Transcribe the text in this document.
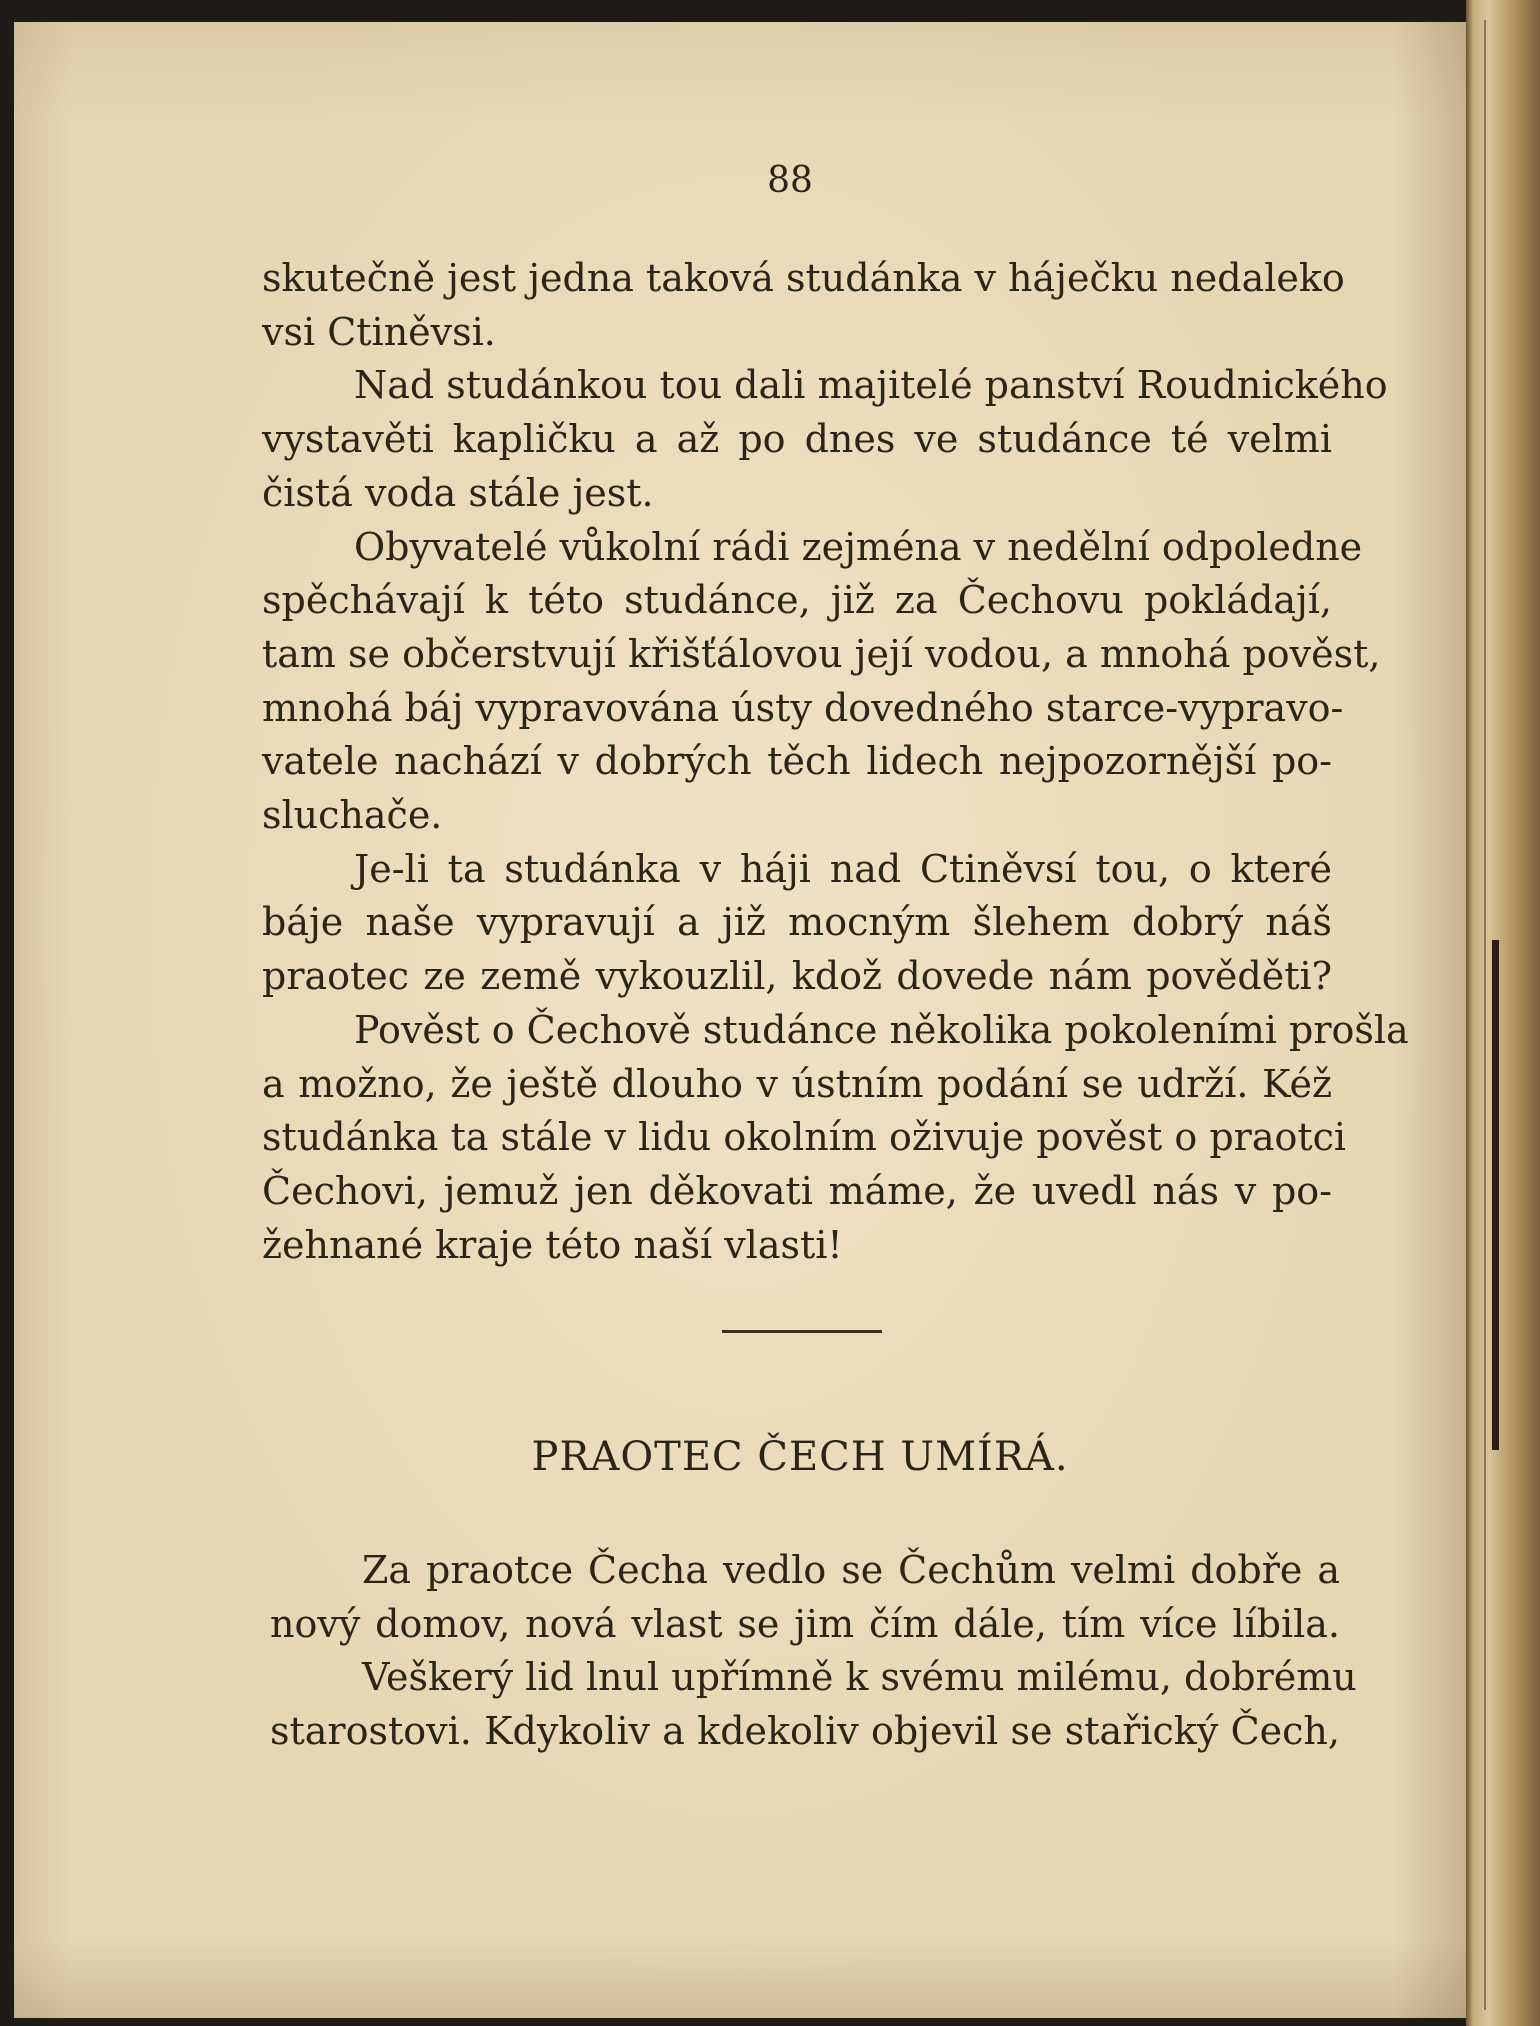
88
skutečně jest jedna taková studánka v háječku nedaleko
vsi Ctiněvsi.
Nad studánkou tou dali majitelé panství Roudnického
vystavěti kapličku a až po dnes ve studánce té velmi
čistá voda stále jest.
Obyvatelé vůkolní rádi zejména v nedělní odpoledne
spěchávají k této studánce, již za Čechovu pokládají,
tam se občerstvují křišťálovou její vodou, a mnohá pověst,
mnohá báj vypravována ústy dovedného starce-vypravo-
vatele nachází v dobrých těch lidech nejpozornější po-
sluchače.
Je-li ta studánka v háji nad Ctiněvsí tou, o které
báje naše vypravují a již mocným šlehem dobrý náš
praotec ze země vykouzlil, kdož dovede nám pověděti?
Pověst o Čechově studánce několika pokoleními prošla
a možno, že ještě dlouho v ústním podání se udrží. Kéž
studánka ta stále v lidu okolním oživuje pověst o praotci
Čechovi, jemuž jen děkovati máme, že uvedl nás v po-
žehnané kraje této naší vlasti!
PRAOTEC ČECH UMÍRÁ.
Za praotce Čecha vedlo se Čechům velmi dobře a
nový domov, nová vlast se jim čím dále, tím více líbila.
Veškerý lid lnul upřímně k svému milému, dobrému
starostovi. Kdykoliv a kdekoliv objevil se stařický Čech,
